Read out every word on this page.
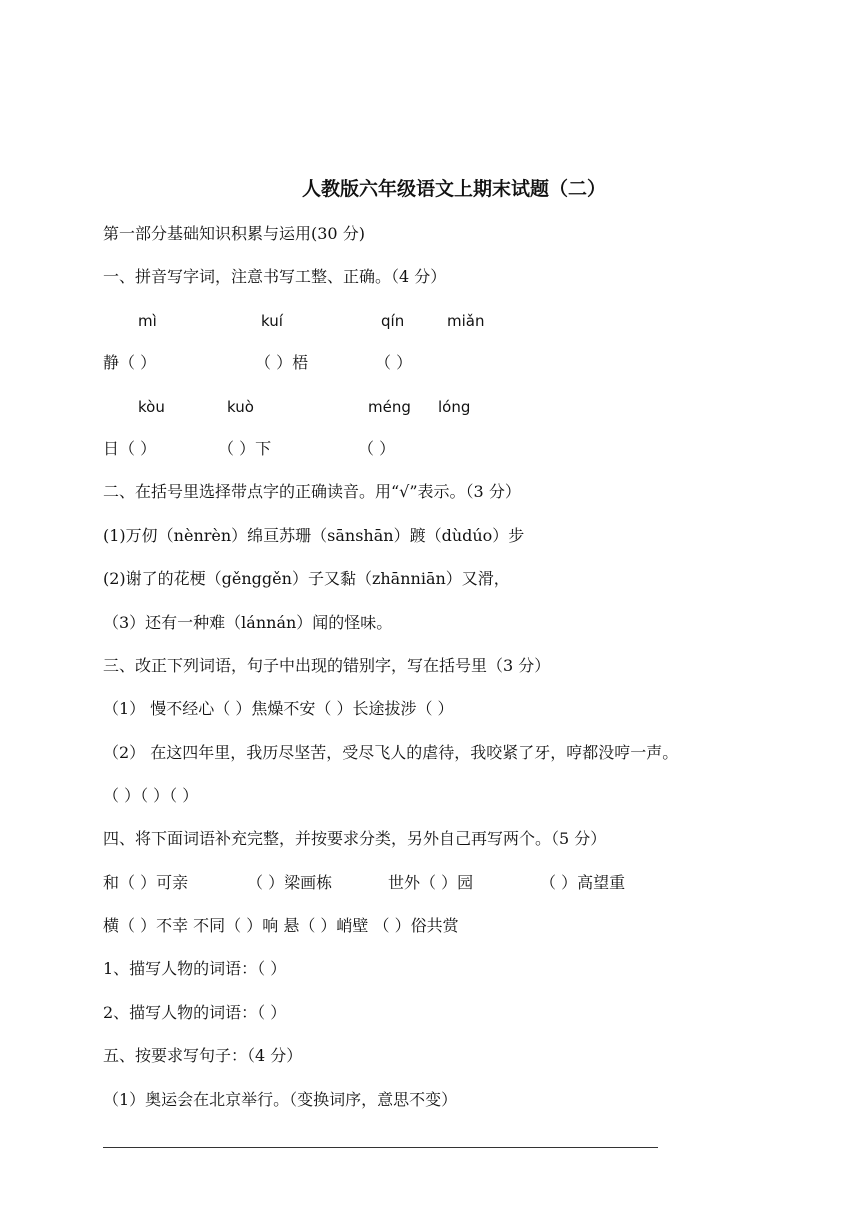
人教版六年级语文上期末试题（二）
第一部分基础知识积累与运用(30 分)
一、拼音写字词，注意书写工整、正确。（4 分）
mì	kuí	qín	miǎn
静（ ）	（ ）梧	（ ）
kòu	kuò	méng lóng
日（ ）	（ ）下	（ ）
二、在括号里选择带点字的正确读音。用“√”表示。（3 分）
(1)万仞（nènrèn）绵亘苏珊（sānshān）踱（dùdúo）步
(2)谢了的花梗（gěnggěn）子又黏（zhānniān）又滑，
（3）还有一种难（lánnán）闻的怪味。
三、改正下列词语，句子中出现的错别字，写在括号里（3 分）
（1） 慢不经心（ ）焦燥不安（ ）长途拔涉（ ）
（2） 在这四年里，我历尽坚苦，受尽飞人的虐待，我咬紧了牙，哼都没哼一声。
（ ）（ ）（ ）
四、将下面词语补充完整，并按要求分类，另外自己再写两个。（5 分）
和（ ）可亲	（ ）梁画栋	世外（ ）园	（ ）高望重
横（ ）不幸 不同（ ）响 悬（ ）峭壁 （ ）俗共赏
1、描写人物的词语：（ ）
2、描写人物的词语：（ ）
五、按要求写句子：（4 分）
（1）奥运会在北京举行。（变换词序，意思不变）
